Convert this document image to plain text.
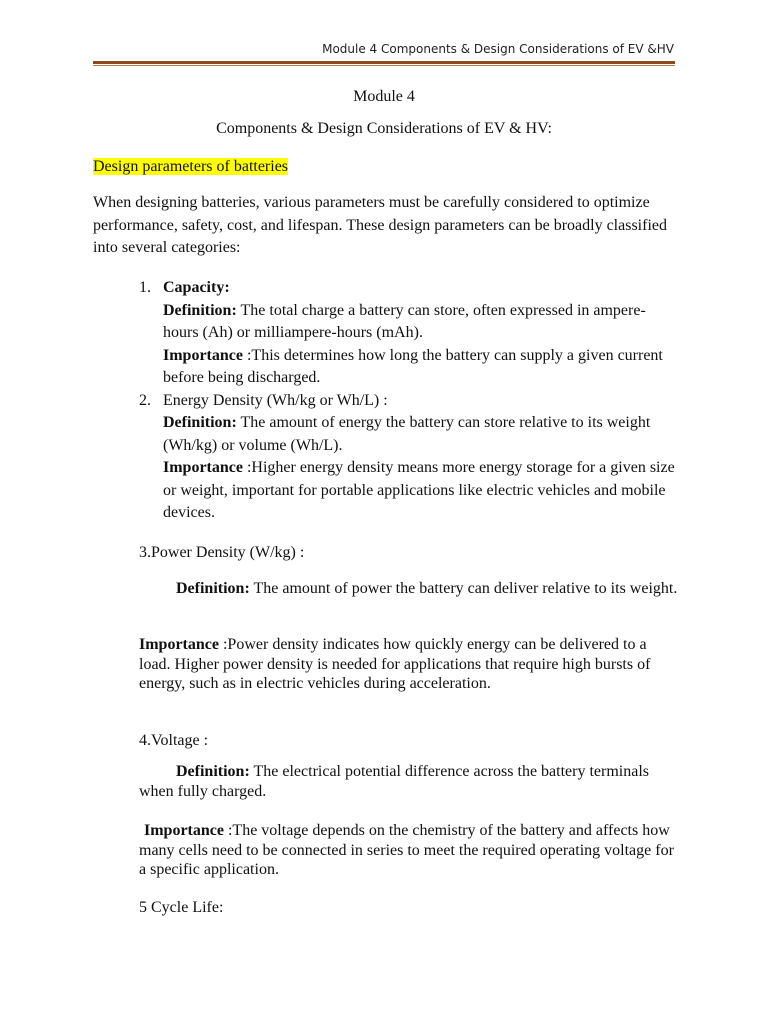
Module 4 Components & Design Considerations of EV &HV
Module 4
Components & Design Considerations of EV & HV:
Design parameters of batteries

When designing batteries, various parameters must be carefully considered to optimize performance, safety, cost, and lifespan. These design parameters can be broadly classified into several categories:

1. Capacity:
Definition: The total charge a battery can store, often expressed in ampere-hours (Ah) or milliampere-hours (mAh).
Importance :This determines how long the battery can supply a given current before being discharged.
2. Energy Density (Wh/kg or Wh/L) :
Definition: The amount of energy the battery can store relative to its weight (Wh/kg) or volume (Wh/L).
Importance :Higher energy density means more energy storage for a given size or weight, important for portable applications like electric vehicles and mobile devices.
3.Power Density (W/kg) :

Definition: The amount of power the battery can deliver relative to its weight.

Importance :Power density indicates how quickly energy can be delivered to a load. Higher power density is needed for applications that require high bursts of energy, such as in electric vehicles during acceleration.

4.Voltage :

Definition: The electrical potential difference across the battery terminals when fully charged.

Importance :The voltage depends on the chemistry of the battery and affects how many cells need to be connected in series to meet the required operating voltage for a specific application.

5 Cycle Life:
